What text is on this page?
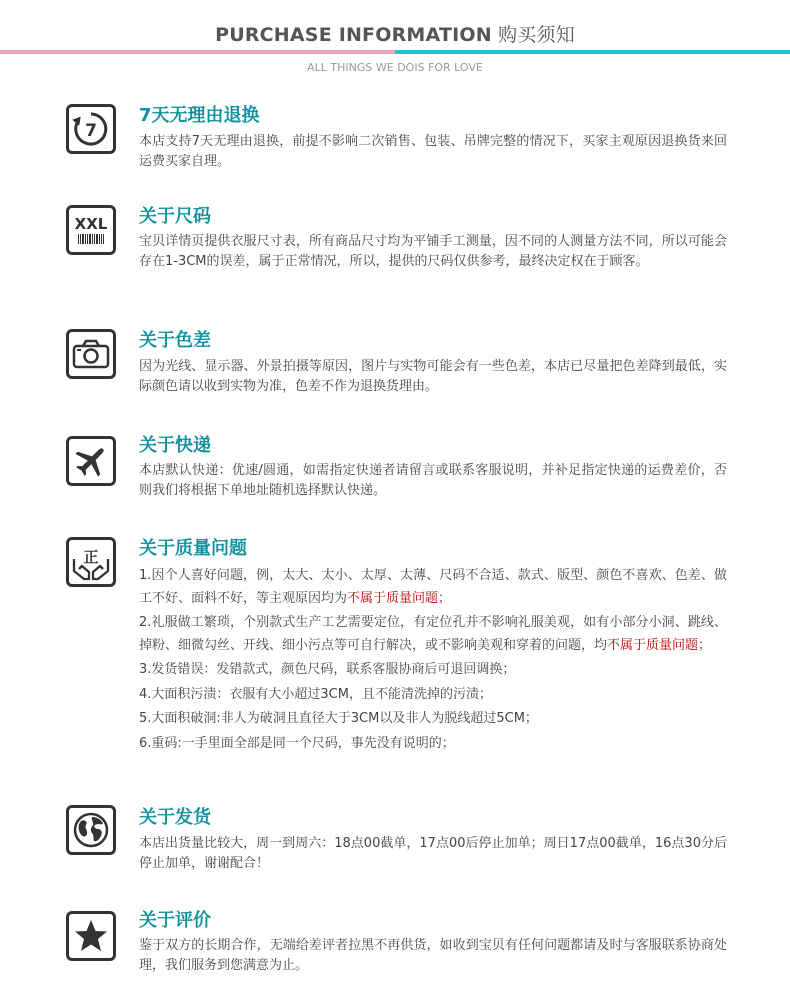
PURCHASE INFORMATION 购买须知
ALL THINGS WE DOIS FOR LOVE
7
7天无理由退换
本店支持7天无理由退换，前提不影响二次销售、包装、吊牌完整的情况下，买家主观原因退换货来回运费买家自理。
XXL 关于尺码
宝贝详情页提供衣服尺寸表，所有商品尺寸均为平铺手工测量，因不同的人测量方法不同，所以可能会存在1-3CM的误差，属于正常情况，所以，提供的尺码仅供参考，最终决定权在于顾客。
关于色差
因为光线、显示器、外景拍摄等原因，图片与实物可能会有一些色差，本店已尽量把色差降到最低，实际颜色请以收到实物为准，色差不作为退换货理由。
关于快递
本店默认快递：优速/圆通，如需指定快递者请留言或联系客服说明，并补足指定快递的运费差价，否则我们将根据下单地址随机选择默认快递。
正 关于质量问题

1.因个人喜好问题，例，太大、太小、太厚、太薄、尺码不合适、款式、版型、颜色不喜欢、色差、做工不好、面料不好，等主观原因均为不属于质量问题；

2.礼服做工繁琐，个别款式生产工艺需要定位，有定位孔并不影响礼服美观，如有小部分小洞、跳线、掉粉、细微勾丝、开线、细小污点等可自行解决，或不影响美观和穿着的问题，均不属于质量问题；

3.发货错误：发错款式，颜色尺码，联系客服协商后可退回调换；

4.大面积污渍：衣服有大小超过3CM，且不能清洗掉的污渍；

5.大面积破洞:非人为破洞且直径大于3CM以及非人为脱线超过5CM；

6.重码:一手里面全部是同一个尺码，事先没有说明的；

关于发货
本店出货量比较大，周一到周六：18点00截单，17点00后停止加单；周日17点00截单，16点30分后停止加单，谢谢配合！
关于评价
鉴于双方的长期合作，无端给差评者拉黑不再供货，如收到宝贝有任何问题都请及时与客服联系协商处理，我们服务到您满意为止。
